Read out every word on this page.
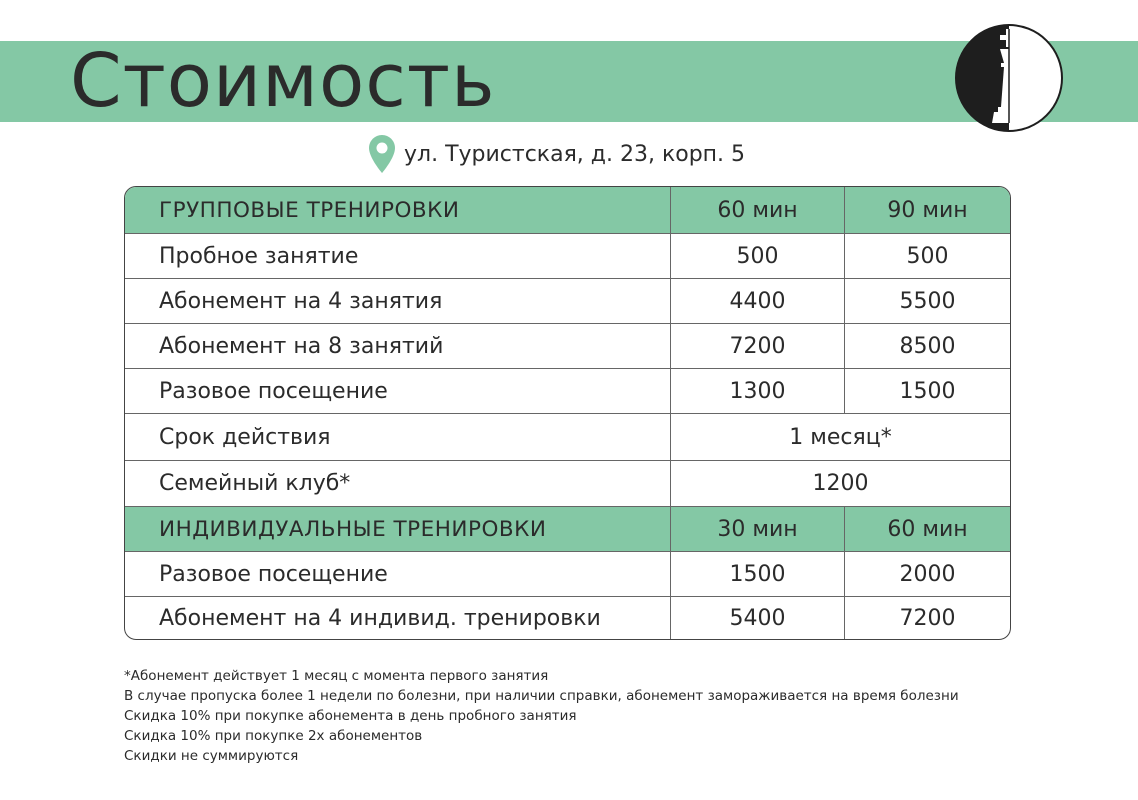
Стоимость
ул. Туристская, д. 23, корп. 5
ГРУППОВЫЕ ТРЕНИРОВКИ	60 мин	90 мин
Пробное занятие	500	500
Абонемент на 4 занятия	4400	5500
Абонемент на 8 занятий	7200	8500
Разовое посещение	1300	1500
Срок действия	1 месяц*
Семейный клуб*	1200
ИНДИВИДУАЛЬНЫЕ ТРЕНИРОВКИ	30 мин	60 мин
Разовое посещение	1500	2000
Абонемент на 4 индивид. тренировки	5400	7200
*Абонемент действует 1 месяц с момента первого занятия
В случае пропуска более 1 недели по болезни, при наличии справки, абонемент замораживается на время болезни
Скидка 10% при покупке абонемента в день пробного занятия
Скидка 10% при покупке 2х абонементов
Скидки не суммируются
